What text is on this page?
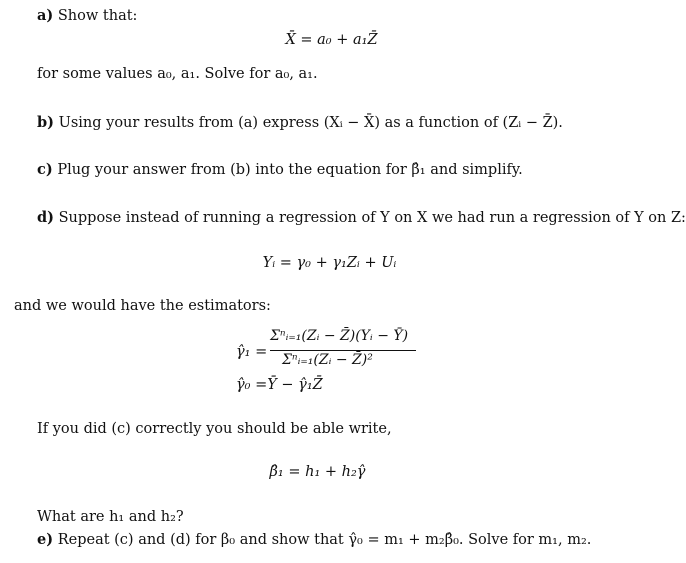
a) Show that:
X̄ = a₀ + a₁Z̄
for some values a₀, a₁. Solve for a₀, a₁.
b) Using your results from (a) express (Xᵢ − X̄) as a function of (Zᵢ − Z̄).
c) Plug your answer from (b) into the equation for β̂₁ and simplify.
d) Suppose instead of running a regression of Y on X we had run a regression of Y on Z:
Yᵢ = γ₀ + γ₁Zᵢ + Uᵢ
and we would have the estimators:
γ̂₁ =
Σⁿᵢ₌₁(Zᵢ − Z̄)(Yᵢ − Ȳ)
Σⁿᵢ₌₁(Zᵢ − Z̄)²
γ̂₀ =Ȳ − γ̂₁Z̄
If you did (c) correctly you should be able write,
β̂₁ = h₁ + h₂γ̂
What are h₁ and h₂?
e) Repeat (c) and (d) for β₀ and show that γ̂₀ = m₁ + m₂β̂₀. Solve for m₁, m₂.
